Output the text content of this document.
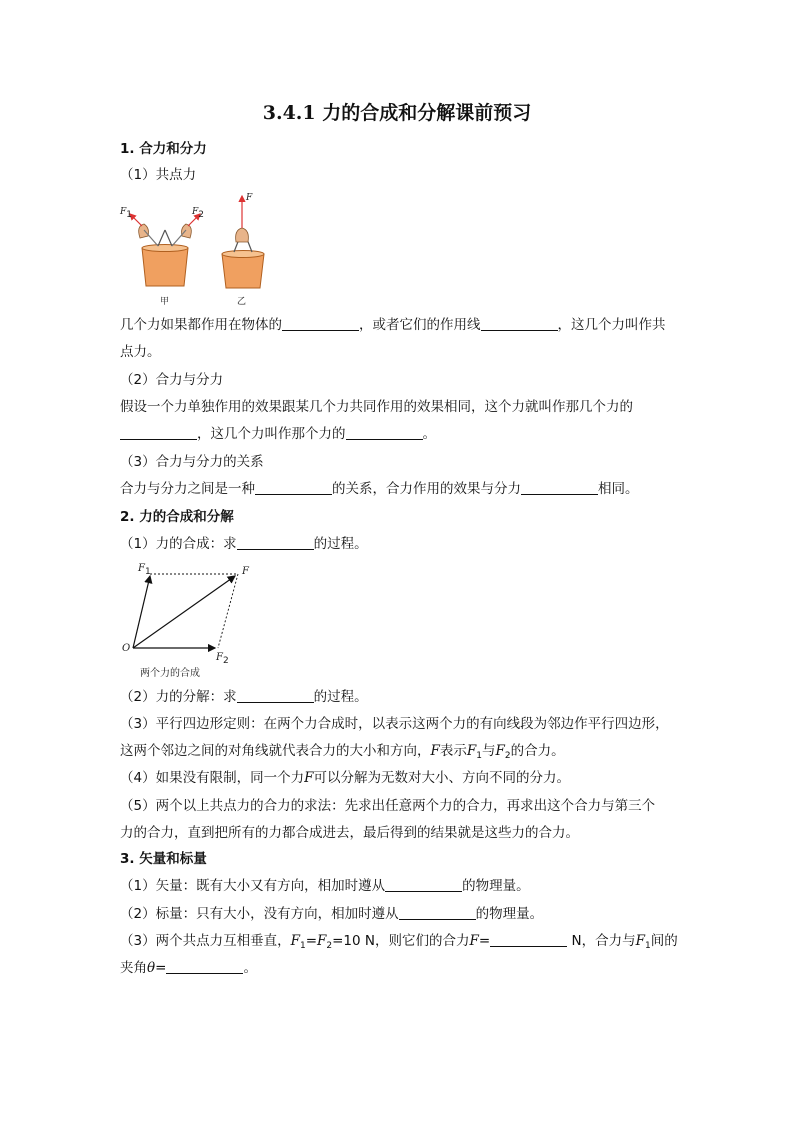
3.4.1 力的合成和分解课前预习
1. 合力和分力
（1）共点力
$F_1$	$F_2$
F
甲	乙
几个力如果都作用在物体的	，或者它们的作用线	，这几个力叫作共
点力。
（2）合力与分力
假设一个力单独作用的效果跟某几个力共同作用的效果相同，这个力就叫作那几个力的
，这几个力叫作那个力的	。
（3）合力与分力的关系
合力与分力之间是一种	的关系，合力作用的效果与分力	相同。
2. 力的合成和分解
（1）力的合成：求	的过程。
$F_1$	F
O
$F_2$
两个力的合成
（2）力的分解：求	的过程。
（3）平行四边形定则：在两个力合成时，以表示这两个力的有向线段为邻边作平行四边形，
这两个邻边之间的对角线就代表合力的大小和方向，F表示$F_1$与$F_2$的合力。
（4）如果没有限制，同一个力F可以分解为无数对大小、方向不同的分力。
（5）两个以上共点力的合力的求法：先求出任意两个力的合力，再求出这个合力与第三个
力的合力，直到把所有的力都合成进去，最后得到的结果就是这些力的合力。
3. 矢量和标量
（1）矢量：既有大小又有方向，相加时遵从	的物理量。
（2）标量：只有大小，没有方向，相加时遵从	的物理量。
（3）两个共点力互相垂直，$F_1=F_2=10$ N，则它们的合力F=	N，合力与$F_1$间的
夹角θ=	。
